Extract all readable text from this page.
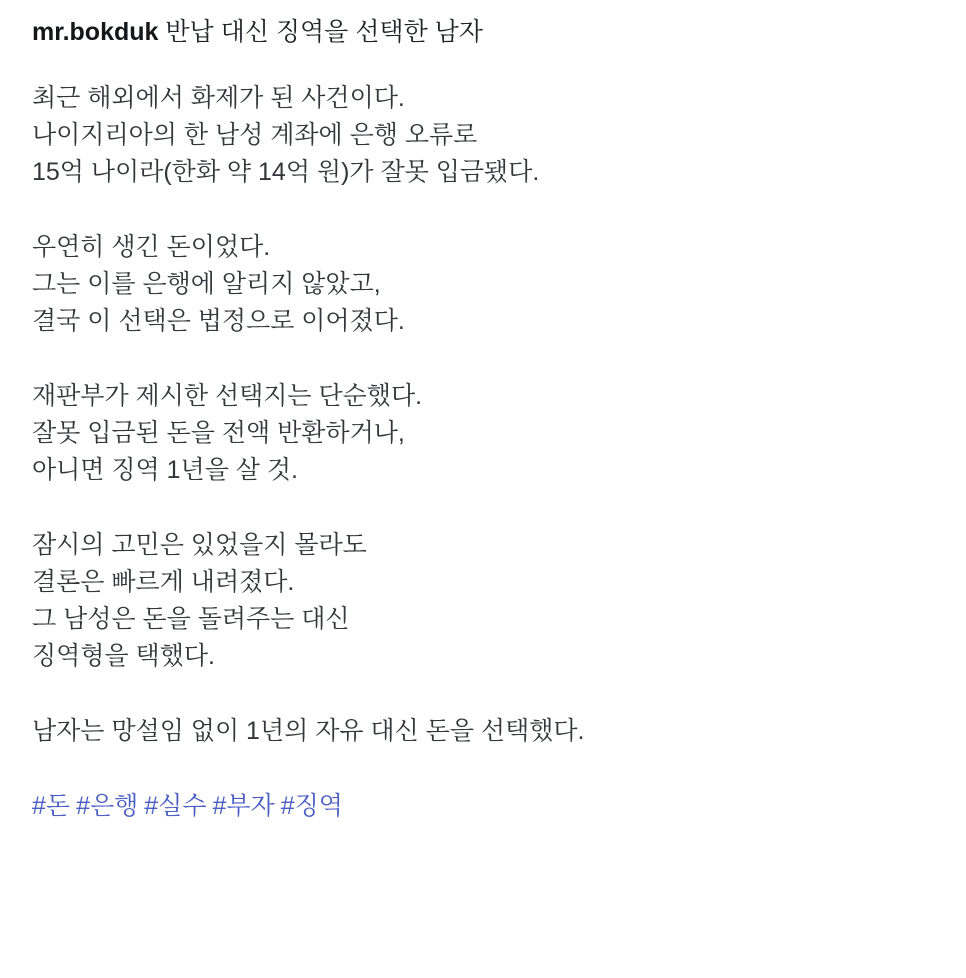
mr.bokduk 반납 대신 징역을 선택한 남자
최근 해외에서 화제가 된 사건이다.
나이지리아의 한 남성 계좌에 은행 오류로
15억 나이라(한화 약 14억 원)가 잘못 입금됐다.
우연히 생긴 돈이었다.
그는 이를 은행에 알리지 않았고,
결국 이 선택은 법정으로 이어졌다.
재판부가 제시한 선택지는 단순했다.
잘못 입금된 돈을 전액 반환하거나,
아니면 징역 1년을 살 것.
잠시의 고민은 있었을지 몰라도
결론은 빠르게 내려졌다.
그 남성은 돈을 돌려주는 대신
징역형을 택했다.
남자는 망설임 없이 1년의 자유 대신 돈을 선택했다.
#돈 #은행 #실수 #부자 #징역
